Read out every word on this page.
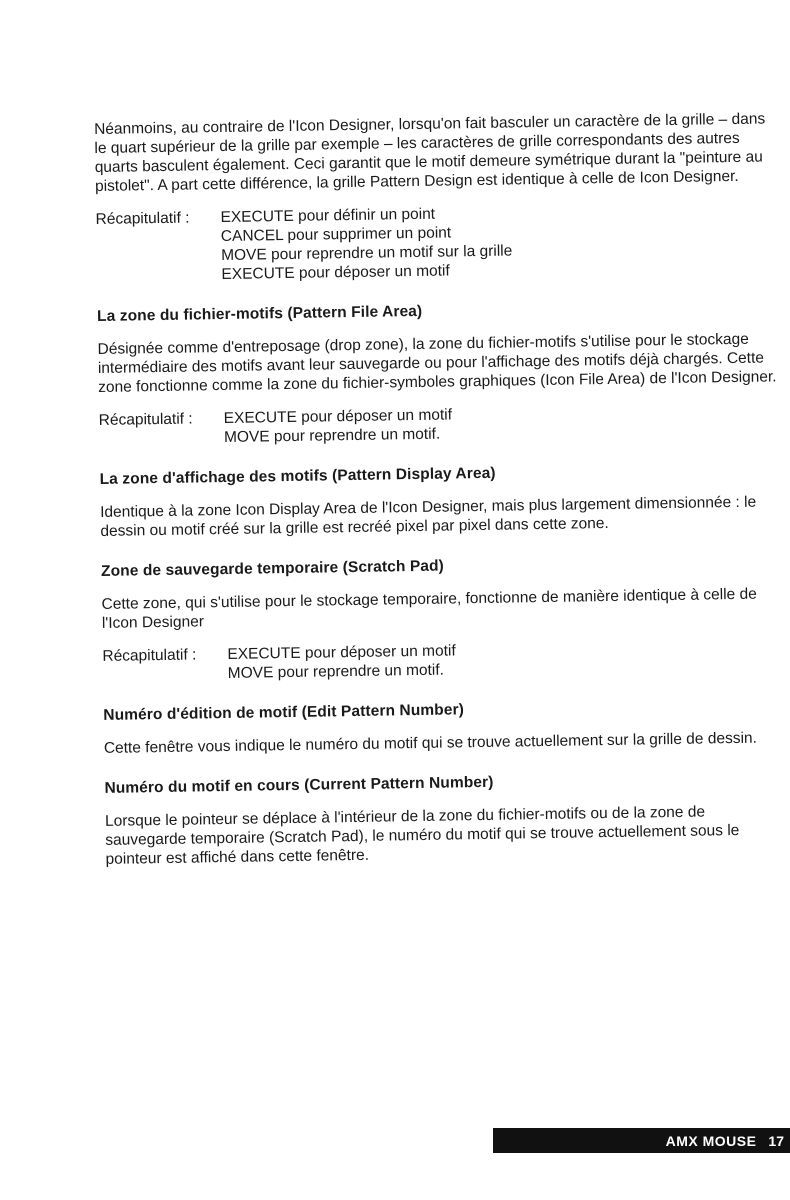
Néanmoins, au contraire de l'Icon Designer, lorsqu'on fait basculer un caractère de la grille – dans le quart supérieur de la grille par exemple – les caractères de grille correspondants des autres quarts basculent également. Ceci garantit que le motif demeure symétrique durant la "peinture au pistolet". A part cette différence, la grille Pattern Design est identique à celle de Icon Designer.

Récapitulatif :	EXECUTE pour définir un point
CANCEL pour supprimer un point
MOVE pour reprendre un motif sur la grille
EXECUTE pour déposer un motif
La zone du fichier-motifs (Pattern File Area)

Désignée comme d'entreposage (drop zone), la zone du fichier-motifs s'utilise pour le stockage intermédiaire des motifs avant leur sauvegarde ou pour l'affichage des motifs déjà chargés. Cette zone fonctionne comme la zone du fichier-symboles graphiques (Icon File Area) de l'Icon Designer.

Récapitulatif :	EXECUTE pour déposer un motif
MOVE pour reprendre un motif.
La zone d'affichage des motifs (Pattern Display Area)

Identique à la zone Icon Display Area de l'Icon Designer, mais plus largement dimensionnée : le dessin ou motif créé sur la grille est recréé pixel par pixel dans cette zone.

Zone de sauvegarde temporaire (Scratch Pad)

Cette zone, qui s'utilise pour le stockage temporaire, fonctionne de manière identique à celle de l'Icon Designer

Récapitulatif :	EXECUTE pour déposer un motif
MOVE pour reprendre un motif.
Numéro d'édition de motif (Edit Pattern Number)

Cette fenêtre vous indique le numéro du motif qui se trouve actuellement sur la grille de dessin.

Numéro du motif en cours (Current Pattern Number)

Lorsque le pointeur se déplace à l'intérieur de la zone du fichier-motifs ou de la zone de sauvegarde temporaire (Scratch Pad), le numéro du motif qui se trouve actuellement sous le pointeur est affiché dans cette fenêtre.

AMX MOUSE 17
